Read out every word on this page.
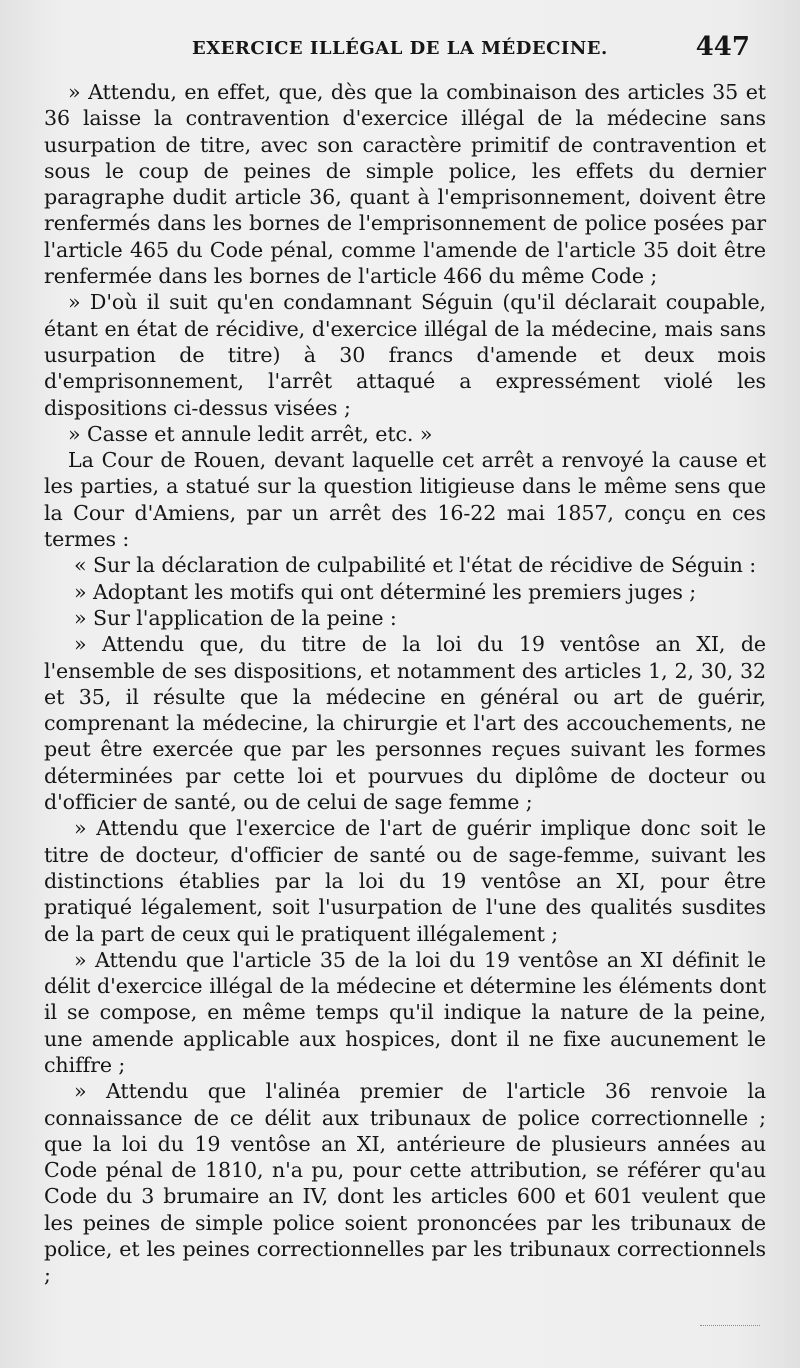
EXERCICE ILLÉGAL DE LA MÉDECINE.	447

» Attendu, en effet, que, dès que la combinaison des articles 35 et 36 laisse la contravention d'exercice illégal de la médecine sans usurpation de titre, avec son caractère primitif de contravention et sous le coup de peines de simple police, les effets du dernier paragraphe dudit article 36, quant à l'emprisonnement, doivent être renfermés dans les bornes de l'emprisonnement de police posées par l'article 465 du Code pénal, comme l'amende de l'article 35 doit être renfermée dans les bornes de l'article 466 du même Code ;

» D'où il suit qu'en condamnant Séguin (qu'il déclarait coupable, étant en état de récidive, d'exercice illégal de la médecine, mais sans usurpation de titre) à 30 francs d'amende et deux mois d'emprisonnement, l'arrêt attaqué a expressément violé les dispositions ci-dessus visées ;

» Casse et annule ledit arrêt, etc. »

La Cour de Rouen, devant laquelle cet arrêt a renvoyé la cause et les parties, a statué sur la question litigieuse dans le même sens que la Cour d'Amiens, par un arrêt des 16-22 mai 1857, conçu en ces termes :

« Sur la déclaration de culpabilité et l'état de récidive de Séguin :

» Adoptant les motifs qui ont déterminé les premiers juges ;

» Sur l'application de la peine :

» Attendu que, du titre de la loi du 19 ventôse an XI, de l'ensemble de ses dispositions, et notamment des articles 1, 2, 30, 32 et 35, il résulte que la médecine en général ou art de guérir, comprenant la médecine, la chirurgie et l'art des accouchements, ne peut être exercée que par les personnes reçues suivant les formes déterminées par cette loi et pourvues du diplôme de docteur ou d'officier de santé, ou de celui de sage femme ;

» Attendu que l'exercice de l'art de guérir implique donc soit le titre de docteur, d'officier de santé ou de sage-femme, suivant les distinctions établies par la loi du 19 ventôse an XI, pour être pratiqué légalement, soit l'usurpation de l'une des qualités susdites de la part de ceux qui le pratiquent illégalement ;

» Attendu que l'article 35 de la loi du 19 ventôse an XI définit le délit d'exercice illégal de la médecine et détermine les éléments dont il se compose, en même temps qu'il indique la nature de la peine, une amende applicable aux hospices, dont il ne fixe aucunement le chiffre ;

» Attendu que l'alinéa premier de l'article 36 renvoie la connaissance de ce délit aux tribunaux de police correctionnelle ; que la loi du 19 ventôse an XI, antérieure de plusieurs années au Code pénal de 1810, n'a pu, pour cette attribution, se référer qu'au Code du 3 brumaire an IV, dont les articles 600 et 601 veulent que les peines de simple police soient prononcées par les tribunaux de police, et les peines correctionnelles par les tribunaux correctionnels ;
